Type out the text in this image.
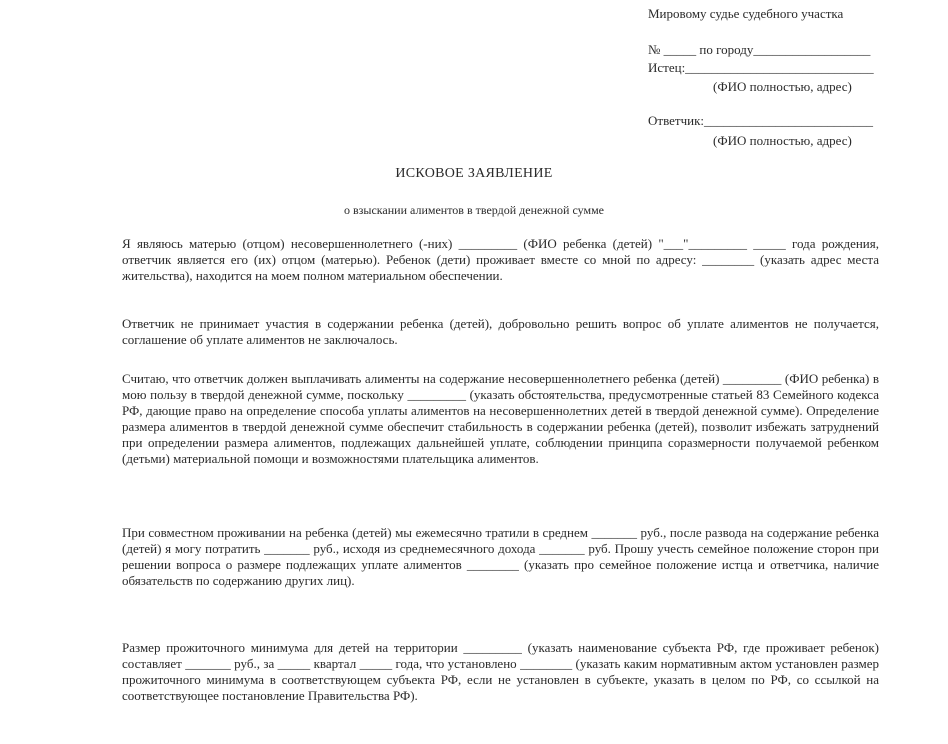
Мировому судье судебного участка
№ _____ по городу__________________
Истец:_____________________________
(ФИО полностью, адрес)
Ответчик:__________________________
(ФИО полностью, адрес)
ИСКОВОЕ ЗАЯВЛЕНИЕ
о взыскании алиментов в твердой денежной сумме
Я являюсь матерью (отцом) несовершеннолетнего (-них) _________ (ФИО ребенка (детей) "___"_________ _____ года рождения, ответчик является его (их) отцом (матерью). Ребенок (дети) проживает вместе со мной по адресу: ________ (указать адрес места жительства), находится на моем полном материальном обеспечении.
Ответчик не принимает участия в содержании ребенка (детей), добровольно решить вопрос об уплате алиментов не получается, соглашение об уплате алиментов не заключалось.
Считаю, что ответчик должен выплачивать алименты на содержание несовершеннолетнего ребенка (детей) _________ (ФИО ребенка) в мою пользу в твердой денежной сумме, поскольку _________ (указать обстоятельства, предусмотренные статьей 83 Семейного кодекса РФ, дающие право на определение способа уплаты алиментов на несовершеннолетних детей в твердой денежной сумме). Определение размера алиментов в твердой денежной сумме обеспечит стабильность в содержании ребенка (детей), позволит избежать затруднений при определении размера алиментов, подлежащих дальнейшей уплате, соблюдении принципа соразмерности получаемой ребенком (детьми) материальной помощи и возможностями плательщика алиментов.
При совместном проживании на ребенка (детей) мы ежемесячно тратили в среднем _______ руб., после развода на содержание ребенка (детей) я могу потратить _______ руб., исходя из среднемесячного дохода _______ руб. Прошу учесть семейное положение сторон при решении вопроса о размере подлежащих уплате алиментов ________ (указать про семейное положение истца и ответчика, наличие обязательств по содержанию других лиц).
Размер прожиточного минимума для детей на территории _________ (указать наименование субъекта РФ, где проживает ребенок) составляет _______ руб., за _____ квартал _____ года, что установлено ________ (указать каким нормативным актом установлен размер прожиточного минимума в соответствующем субъекта РФ, если не установлен в субъекте, указать в целом по РФ, со ссылкой на соответствующее постановление Правительства РФ).
